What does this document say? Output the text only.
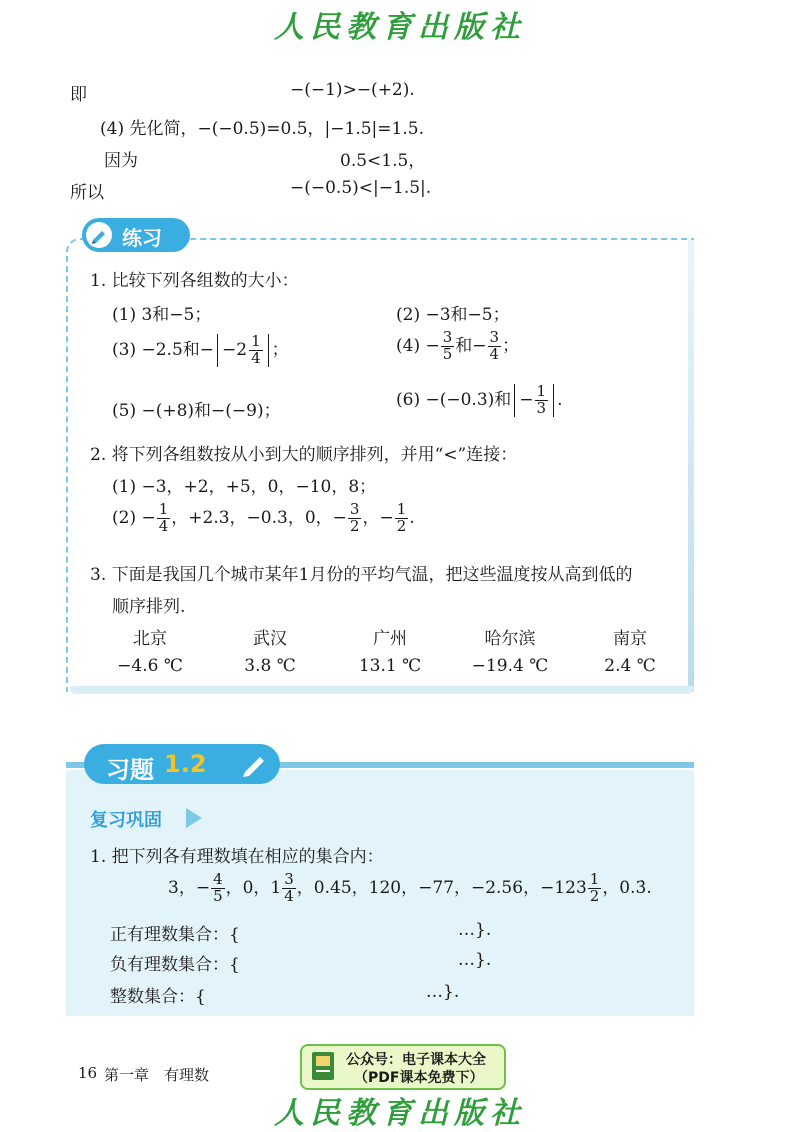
人民教育出版社
即	−(−1)>−(+2).
(4) 先化简，−(−0.5)=0.5，|−1.5|=1.5.
因为	0.5<1.5，
所以	−(−0.5)<|−1.5|.
练习
1. 比较下列各组数的大小：
(1) 3和−5；	(2) −3和−5；
(3) −2.5和− $-2 \frac{1}{4}$ ；	$(4) - \frac{3}{5}$ 和− $\frac{3}{4}$ ；
(5) −(+8)和−(−9)；
(6) −(−0.3)和 − $\frac{1}{3}$ .
2. 将下列各组数按从小到大的顺序排列，并用“<”连接：
(1) −3，+2，+5，0，−10，8；
$(2) - \frac{1}{4}$ ，+2.3，−0.3，0，− $\frac{3}{2}$ ，− $\frac{1}{2}$ .
3. 下面是我国几个城市某年1月份的平均气温，把这些温度按从高到低的
顺序排列.
北京	武汉	广州	哈尔滨	南京
−4.6 ℃	3.8 ℃	13.1 ℃	−19.4 ℃	2.4 ℃
习题 1.2
复习巩固
1. 把下列各有理数填在相应的集合内：
3，− $\frac{4}{5}$ ，0，$1 \frac{3}{4}$ ，0.45，120，−77，−2.56，$-123 \frac{1}{2}$ ，0.3̇.
正有理数集合：{	…}.
负有理数集合：{	…}.
整数集合：{	…}.
16 第一章　有理数
公众号：电子课本大全
（PDF课本免费下）
人民教育出版社
